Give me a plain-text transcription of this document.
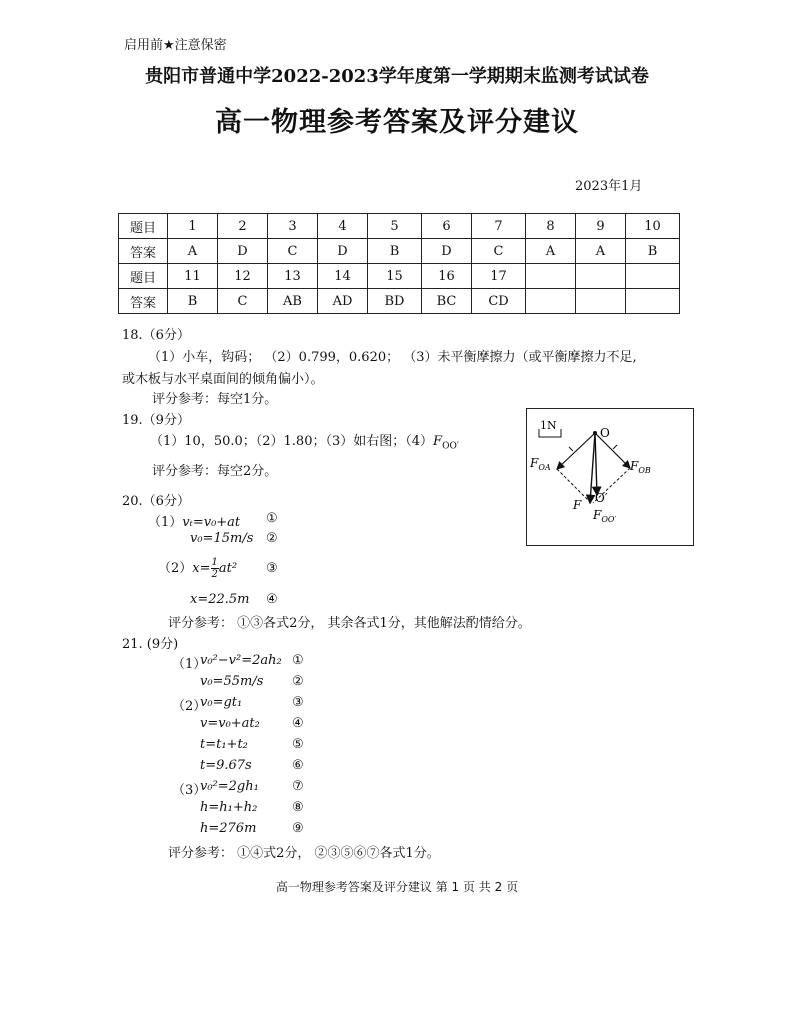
启用前★注意保密
贵阳市普通中学2022-2023学年度第一学期期末监测考试试卷
高一物理参考答案及评分建议
2023年1月
题目	1	2	3	4	5	6	7	8	9	10
答案	A	D	C	D	B	D	C	A	A	B
题目	11	12	13	14	15	16	17			
答案	B	C	AB	AD	BD	BC	CD			
18.（6分）
（1）小车，钩码； （2）0.799，0.620； （3）未平衡摩擦力（或平衡摩擦力不足,
或木板与水平桌面间的倾角偏小）。
评分参考：每空1分。
19.（9分）
（1）10，50.0；（2）1.80；（3）如右图；$(4)F_{OO'}$
评分参考：每空2分。
1N
O
$F_{OA}$	$F_{OB}$
F O′
$F_{OO'}$
20.（6分）
（1）vₜ=v₀+at ①
v₀=15m/s ②
$(2)x= \frac{1}{2} at^2$ ③
x=22.5m ④
评分参考： ①③各式2分， 其余各式1分，其他解法酌情给分。
21. (9分)
（1）
v₀²−v²=2ah₂ ①
v₀=55m/s ②
（2）
v₀=gt₁	③
v=v₀+at₂ ④
t=t₁+t₂	⑤
t=9.67s	⑥
（3）
v₀²=2gh₁	⑦
h=h₁+h₂	⑧
h=276m	⑨
评分参考： ①④式2分， ②③⑤⑥⑦各式1分。
高一物理参考答案及评分建议 第 1 页 共 2 页
